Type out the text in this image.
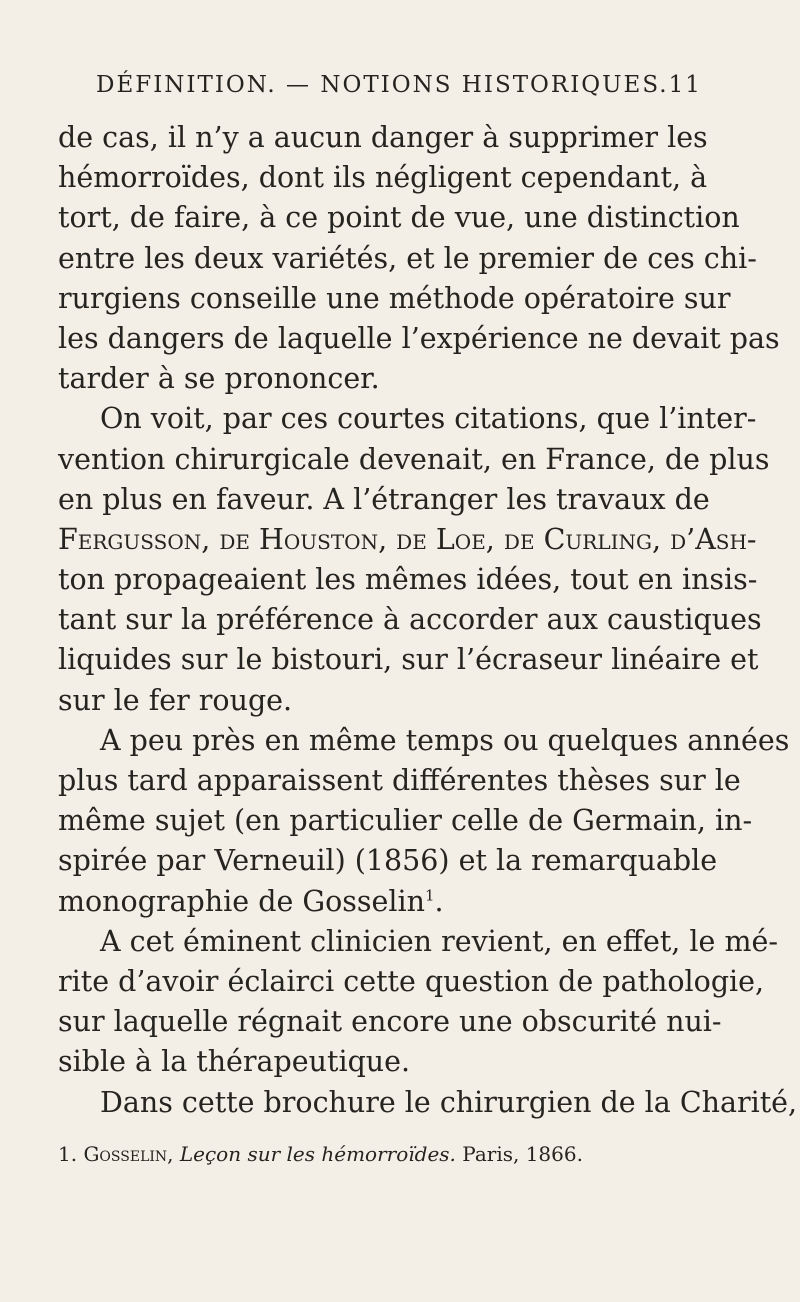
DÉFINITION. — NOTIONS HISTORIQUES. 11
de cas, il n’y a aucun danger à supprimer les
hémorroïdes, dont ils négligent cependant, à
tort, de faire, à ce point de vue, une distinction
entre les deux variétés, et le premier de ces chi-
rurgiens conseille une méthode opératoire sur
les dangers de laquelle l’expérience ne devait pas
tarder à se prononcer.
On voit, par ces courtes citations, que l’inter-
vention chirurgicale devenait, en France, de plus
en plus en faveur. A l’étranger les travaux de
Fergusson, de Houston, de Loe, de Curling, d’Ash-
ton propageaient les mêmes idées, tout en insis-
tant sur la préférence à accorder aux caustiques
liquides sur le bistouri, sur l’écraseur linéaire et
sur le fer rouge.
A peu près en même temps ou quelques années
plus tard apparaissent différentes thèses sur le
même sujet (en particulier celle de Germain, in-
spirée par Verneuil) (1856) et la remarquable
monographie de Gosselin$^1$.
A cet éminent clinicien revient, en effet, le mé-
rite d’avoir éclairci cette question de pathologie,
sur laquelle régnait encore une obscurité nui-
sible à la thérapeutique.
Dans cette brochure le chirurgien de la Charité,
1. Gosselin, Leçon sur les hémorroïdes. Paris, 1866.
